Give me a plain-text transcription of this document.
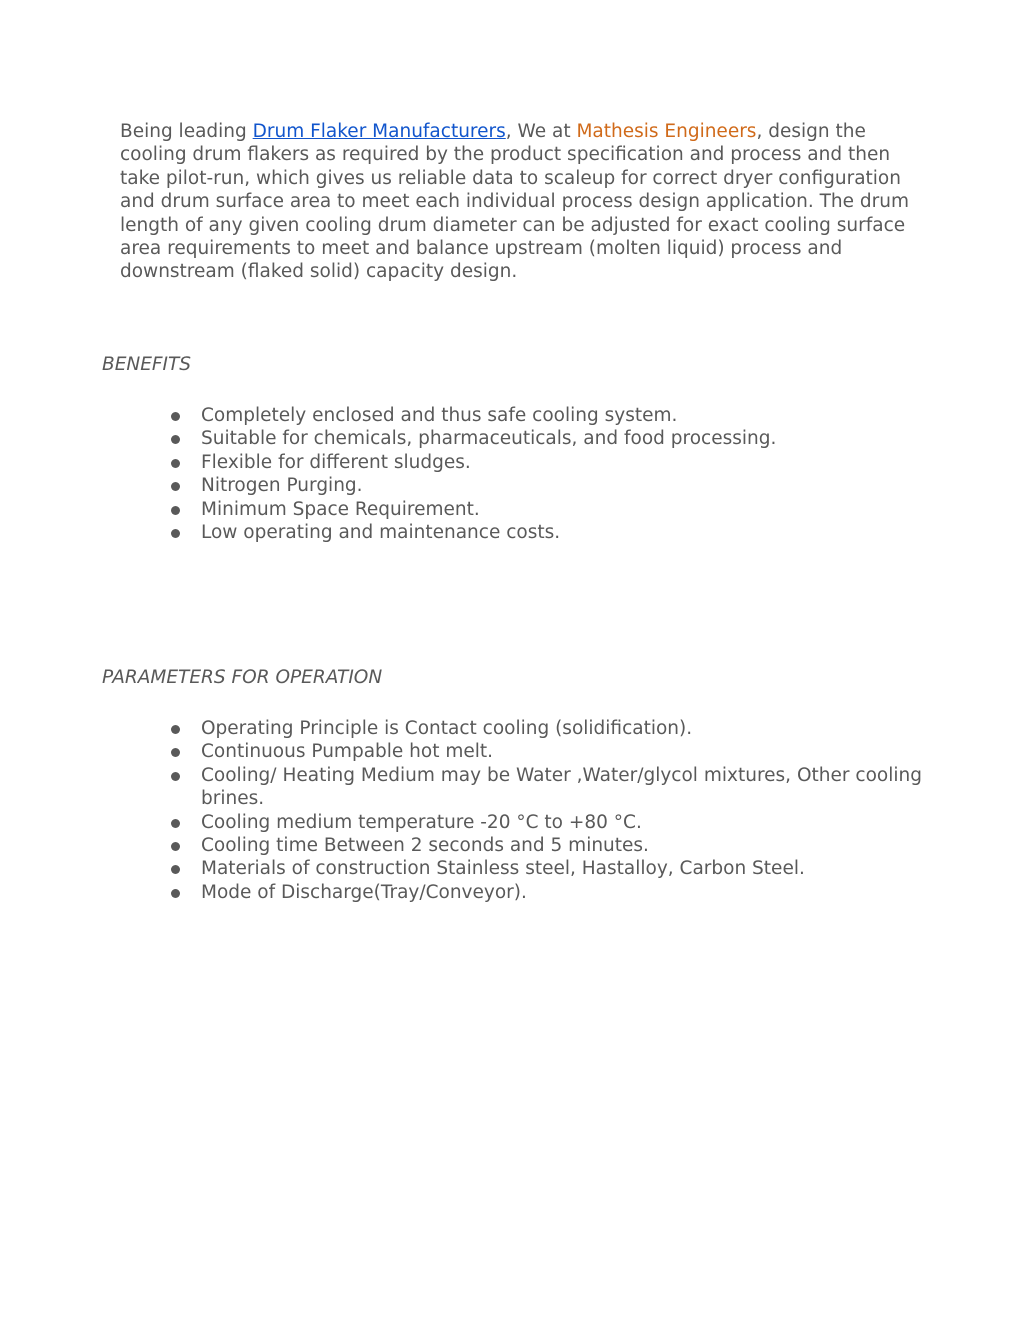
Being leading Drum Flaker Manufacturers, We at Mathesis Engineers, design the cooling drum flakers as required by the product specification and process and then take pilot-run, which gives us reliable data to scaleup for correct dryer configuration and drum surface area to meet each individual process design application. The drum length of any given cooling drum diameter can be adjusted for exact cooling surface area requirements to meet and balance upstream (molten liquid) process and downstream (flaked solid) capacity design.

BENEFITS
Completely enclosed and thus safe cooling system.
Suitable for chemicals, pharmaceuticals, and food processing.
Flexible for different sludges.
Nitrogen Purging.
Minimum Space Requirement.
Low operating and maintenance costs.
PARAMETERS FOR OPERATION
Operating Principle is Contact cooling (solidification).
Continuous Pumpable hot melt.
Cooling/ Heating Medium may be Water ,Water/glycol mixtures, Other cooling brines.
Cooling medium temperature -20 °C to +80 °C.
Cooling time Between 2 seconds and 5 minutes.
Materials of construction Stainless steel, Hastalloy, Carbon Steel.
Mode of Discharge(Tray/Conveyor).
